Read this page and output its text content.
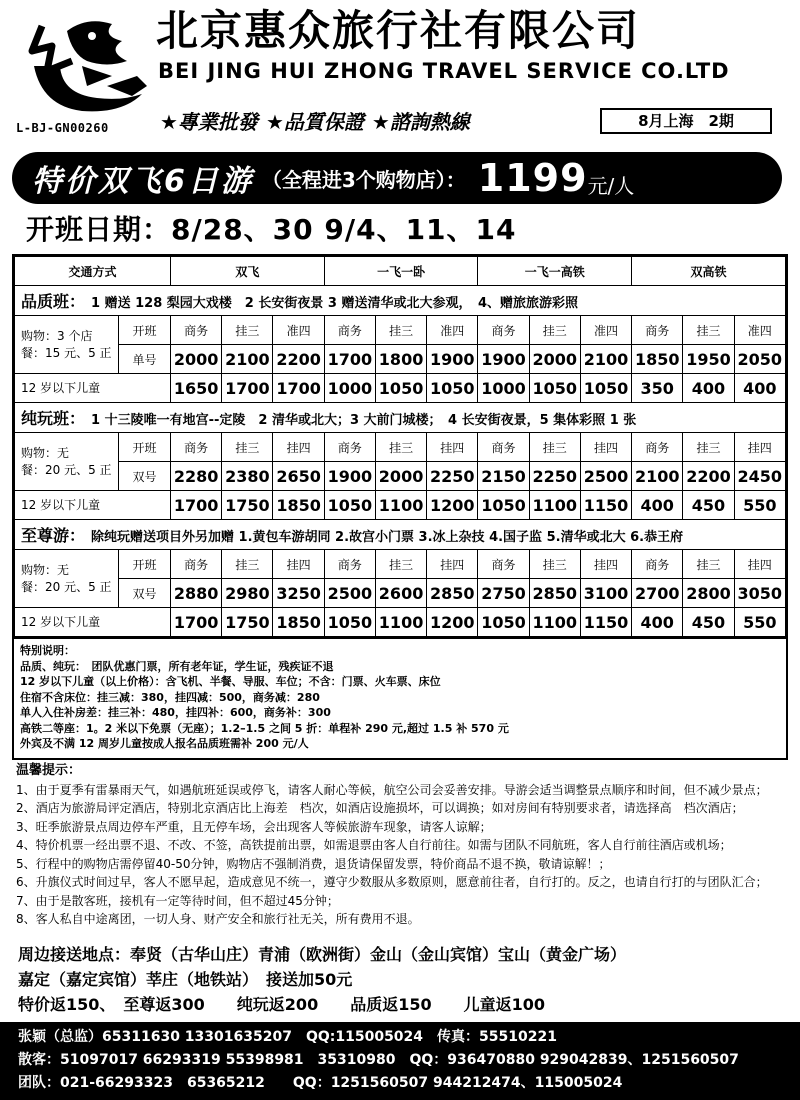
L-BJ-GN00260
北京惠众旅行社有限公司
BEI JING HUI ZHONG TRAVEL SERVICE CO.LTD
★專業批發 ★品質保證 ★諮詢熱線	8月上海　2期
特价双飞6日游 （全程进3个购物店）： 1199 元/人
开班日期：8/28、30 9/4、11、14
交通方式		双飞			一飞一卧			一飞一高铁			双高铁		
品质班： 1 赠送 128 梨园大戏楼　2 长安街夜景 3 赠送清华或北大参观，　4、赠旅旅游彩照													

购物：3 个店
餐：15 元、5 正	开班	商务	挂三	准四	商务	挂三	准四	商务	挂三	准四	商务	挂三	准四
	单号	2000	2100	2200	1700	1800	1900	1900	2000	2100	1850	1950	2050
12 岁以下儿童		1650	1700	1700	1000	1050	1050	1000	1050	1050	350	400	400
纯玩班： 1 十三陵唯一有地宫--定陵　2 清华或北大；3 大前门城楼；　4 长安街夜景，5 集体彩照 1 张													

购物：无
餐：20 元、5 正	开班	商务	挂三	挂四	商务	挂三	挂四	商务	挂三	挂四	商务	挂三	挂四
	双号	2280	2380	2650	1900	2000	2250	2150	2250	2500	2100	2200	2450
12 岁以下儿童		1700	1750	1850	1050	1100	1200	1050	1100	1150	400	450	550
至尊游： 除纯玩赠送项目外另加赠 1.黄包车游胡同 2.故宫小门票 3.冰上杂技 4.国子监 5.清华或北大 6.恭王府													

购物：无
餐：20 元、5 正	开班	商务	挂三	挂四	商务	挂三	挂四	商务	挂三	挂四	商务	挂三	挂四
	双号	2880	2980	3250	2500	2600	2850	2750	2850	3100	2700	2800	3050
12 岁以下儿童		1700	1750	1850	1050	1100	1200	1050	1100	1150	400	450	550
特别说明：
品质、纯玩：　团队优惠门票，所有老年证，学生证，残疾证不退
12 岁以下儿童（以上价格）：含飞机、半餐、导服、车位；不含：门票、火车票、床位
住宿不含床位：挂三减：380，挂四减：500，商务减：280
单人入住补房差：挂三补：480，挂四补：600，商务补：300
高铁二等座：1。2 米以下免票（无座）；1.2–1.5 之间 5 折：单程补 290 元,超过 1.5 补 570 元
外宾及不满 12 周岁儿童按成人报名品质班需补 200 元/人
温馨提示：
1、由于夏季有雷暴雨天气，如遇航班延误或停飞，请客人耐心等候，航空公司会妥善安排。导游会适当调整景点顺序和时间，但不减少景点；
2、酒店为旅游局评定酒店，特别北京酒店比上海差　档次，如酒店设施损坏，可以调换；如对房间有特别要求者，请选择高　档次酒店；
3、旺季旅游景点周边停车严重，且无停车场，会出现客人等候旅游车现象，请客人谅解；
4、特价机票一经出票不退、不改、不签，高铁提前出票，如需退票由客人自行前往。如需与团队不同航班，客人自行前往酒店或机场；
5、行程中的购物店需停留40-50分钟，购物店不强制消费，退货请保留发票，特价商品不退不换，敬请谅解！；
6、升旗仪式时间过早，客人不愿早起，造成意见不统一，遵守少数服从多数原则，愿意前往者，自行打的。反之，也请自行打的与团队汇合；
7、由于是散客班，接机有一定等待时间，但不超过45分钟；
8、客人私自中途离团，一切人身、财产安全和旅行社无关，所有费用不退。
周边接送地点：奉贤（古华山庄）青浦（欧洲街）金山（金山宾馆）宝山（黄金广场）
嘉定（嘉定宾馆）莘庄（地铁站）　接送加50元
特价返150、　至尊返300　　纯玩返200　　品质返150　　儿童返100
张颖（总监）65311630 13301635207　QQ:115005024　传真：55510221
散客：51097017 66293319 55398981　35310980　QQ：936470880 929042839、1251560507
团队：021-66293323　65365212　　QQ：1251560507 944212474、115005024
